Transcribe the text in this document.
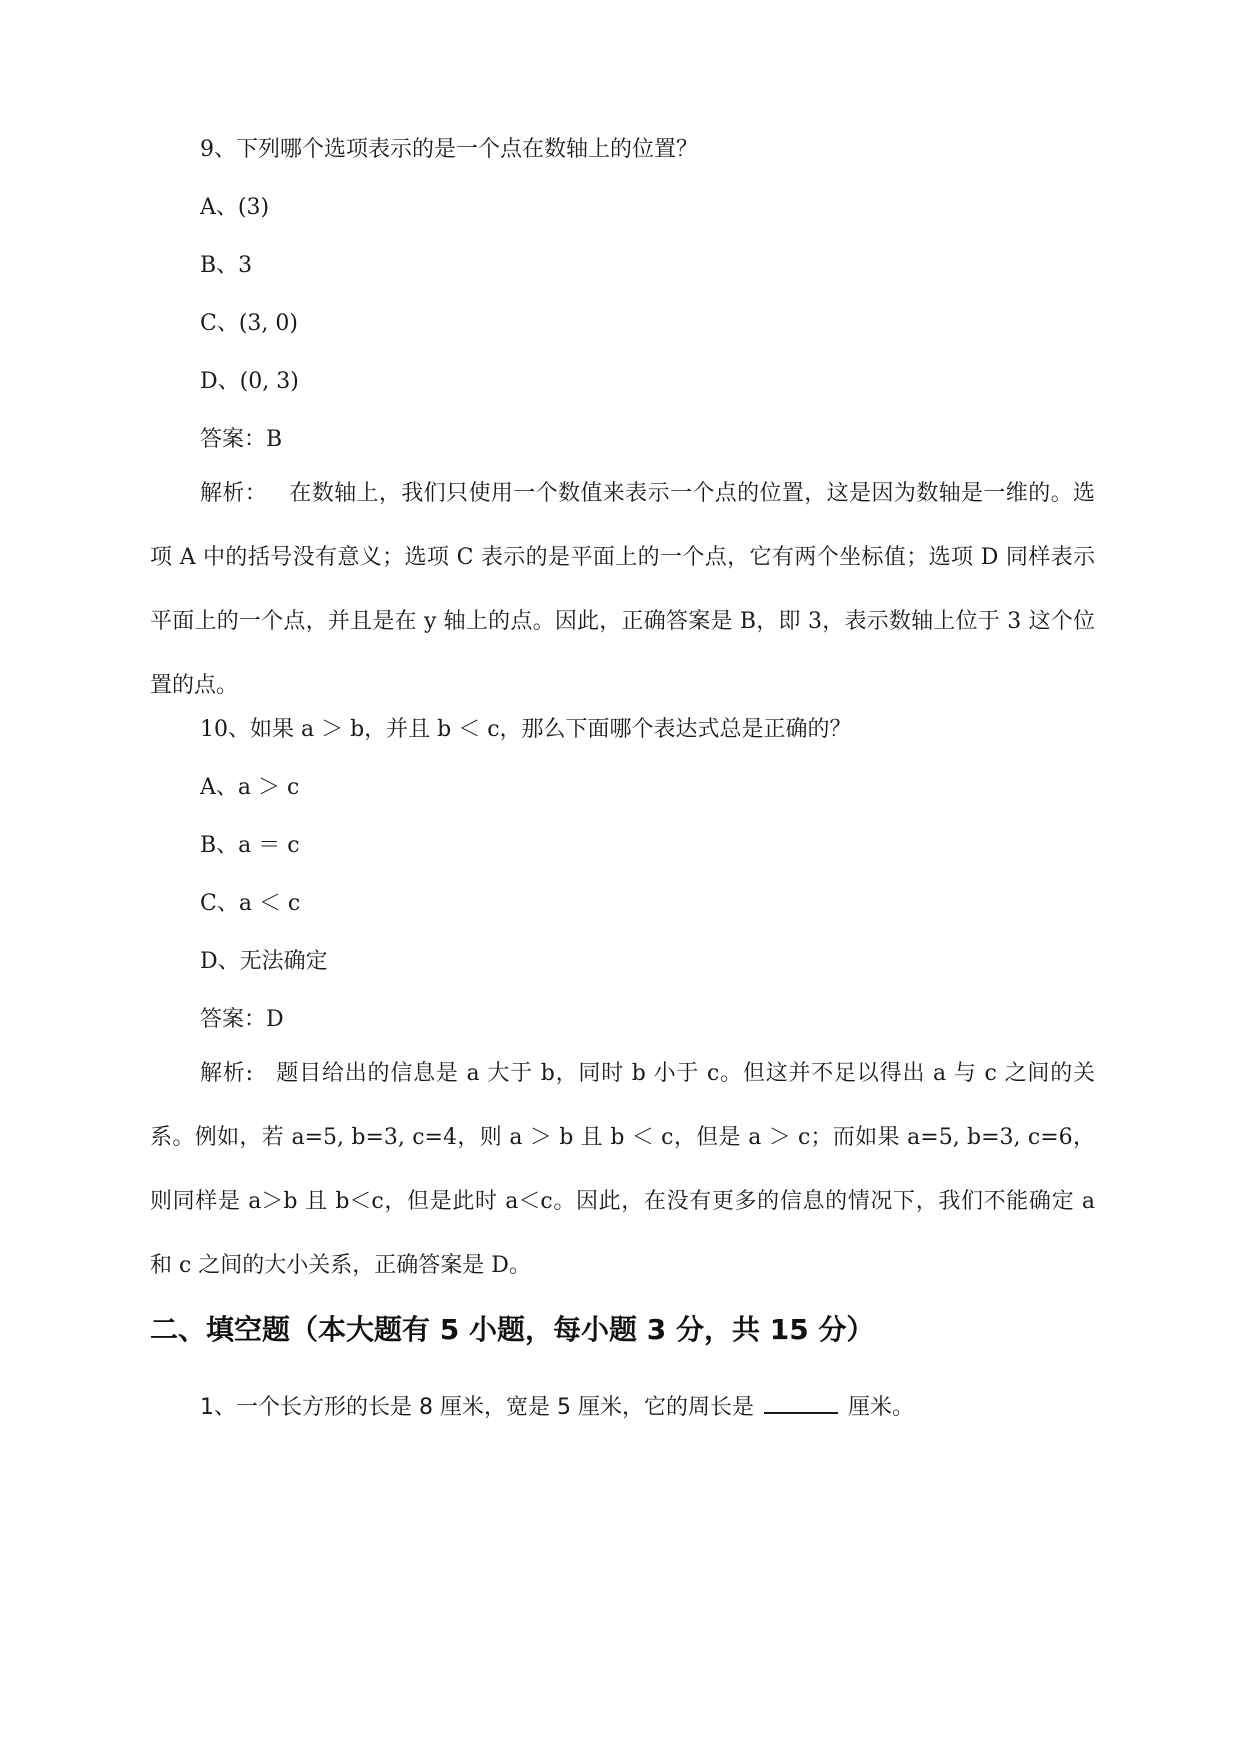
9、下列哪个选项表示的是一个点在数轴上的位置？
A、(3)
B、3
C、(3, 0)
D、(0, 3)
答案：B
解析： 在数轴上，我们只使用一个数值来表示一个点的位置，这是因为数轴是一维的。选项 A 中的括号没有意义；选项 C 表示的是平面上的一个点，它有两个坐标值；选项 D 同样表示平面上的一个点，并且是在 y 轴上的点。因此，正确答案是 B，即 3，表示数轴上位于 3 这个位置的点。
10、如果 a ＞ b，并且 b ＜ c，那么下面哪个表达式总是正确的？
A、a ＞ c
B、a ＝ c
C、a ＜ c
D、无法确定
答案：D
解析: 题目给出的信息是 a 大于 b，同时 b 小于 c。但这并不足以得出 a 与 c 之间的关系。例如，若 a=5, b=3, c=4，则 a ＞ b 且 b ＜ c，但是 a ＞ c；而如果 a=5, b=3, c=6，则同样是 a＞b 且 b＜c，但是此时 a＜c。因此，在没有更多的信息的情况下，我们不能确定 a 和 c 之间的大小关系，正确答案是 D。
二、填空题（本大题有 5 小题，每小题 3 分，共 15 分）
1、一个长方形的长是 8 厘米，宽是 5 厘米，它的周长是	厘米。
